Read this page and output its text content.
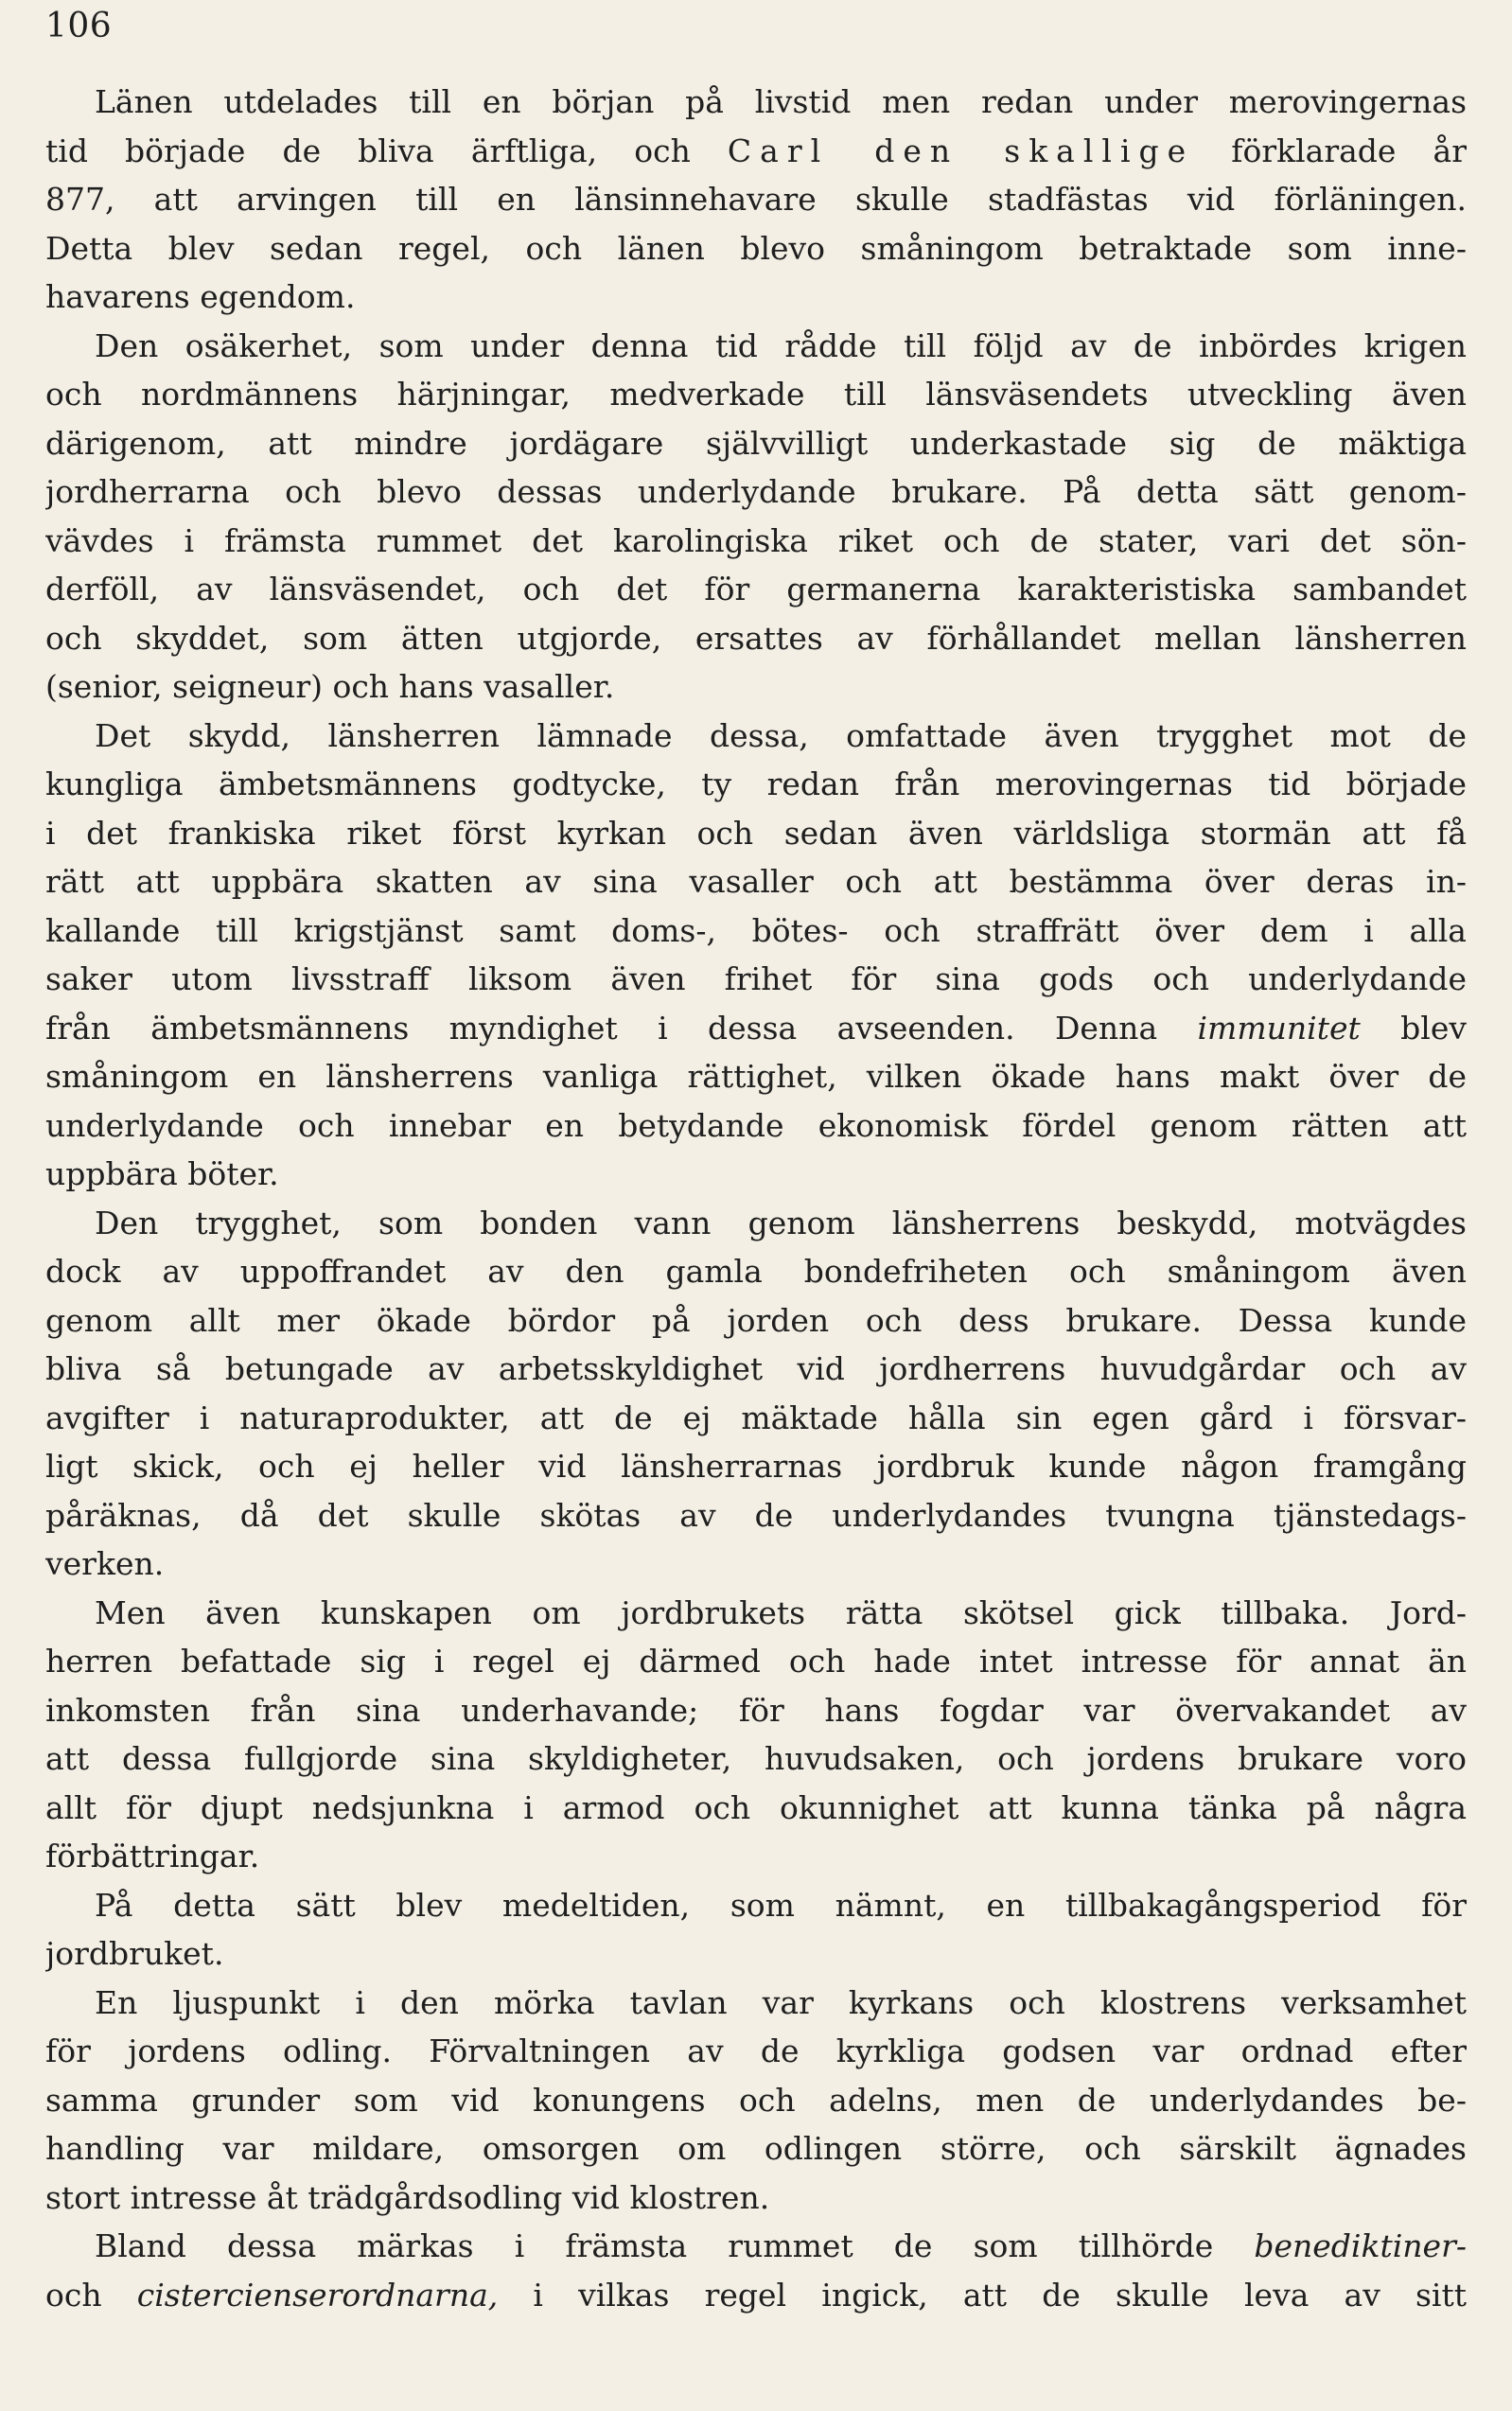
106
Länen utdelades till en början på livstid men redan under merovingernas
tid började de bliva ärftliga, och Carl den skallige förklarade år
877, att arvingen till en länsinnehavare skulle stadfästas vid förläningen.
Detta blev sedan regel, och länen blevo småningom betraktade som inne-
havarens egendom.
Den osäkerhet, som under denna tid rådde till följd av de inbördes krigen
och nordmännens härjningar, medverkade till länsväsendets utveckling även
därigenom, att mindre jordägare självvilligt underkastade sig de mäktiga
jordherrarna och blevo dessas underlydande brukare. På detta sätt genom-
vävdes i främsta rummet det karolingiska riket och de stater, vari det sön-
derföll, av länsväsendet, och det för germanerna karakteristiska sambandet
och skyddet, som ätten utgjorde, ersattes av förhållandet mellan länsherren
(senior, seigneur) och hans vasaller.
Det skydd, länsherren lämnade dessa, omfattade även trygghet mot de
kungliga ämbetsmännens godtycke, ty redan från merovingernas tid började
i det frankiska riket först kyrkan och sedan även världsliga stormän att få
rätt att uppbära skatten av sina vasaller och att bestämma över deras in-
kallande till krigstjänst samt doms-, bötes- och straffrätt över dem i alla
saker utom livsstraff liksom även frihet för sina gods och underlydande
från ämbetsmännens myndighet i dessa avseenden. Denna immunitet blev
småningom en länsherrens vanliga rättighet, vilken ökade hans makt över de
underlydande och innebar en betydande ekonomisk fördel genom rätten att
uppbära böter.
Den trygghet, som bonden vann genom länsherrens beskydd, motvägdes
dock av uppoffrandet av den gamla bondefriheten och småningom även
genom allt mer ökade bördor på jorden och dess brukare. Dessa kunde
bliva så betungade av arbetsskyldighet vid jordherrens huvudgårdar och av
avgifter i naturaprodukter, att de ej mäktade hålla sin egen gård i försvar-
ligt skick, och ej heller vid länsherrarnas jordbruk kunde någon framgång
påräknas, då det skulle skötas av de underlydandes tvungna tjänstedags-
verken.
Men även kunskapen om jordbrukets rätta skötsel gick tillbaka. Jord-
herren befattade sig i regel ej därmed och hade intet intresse för annat än
inkomsten från sina underhavande; för hans fogdar var övervakandet av
att dessa fullgjorde sina skyldigheter, huvudsaken, och jordens brukare voro
allt för djupt nedsjunkna i armod och okunnighet att kunna tänka på några
förbättringar.
På detta sätt blev medeltiden, som nämnt, en tillbakagångsperiod för
jordbruket.
En ljuspunkt i den mörka tavlan var kyrkans och klostrens verksamhet
för jordens odling. Förvaltningen av de kyrkliga godsen var ordnad efter
samma grunder som vid konungens och adelns, men de underlydandes be-
handling var mildare, omsorgen om odlingen större, och särskilt ägnades
stort intresse åt trädgårdsodling vid klostren.
Bland dessa märkas i främsta rummet de som tillhörde benediktiner-
och cistercienserordnarna, i vilkas regel ingick, att de skulle leva av sitt
